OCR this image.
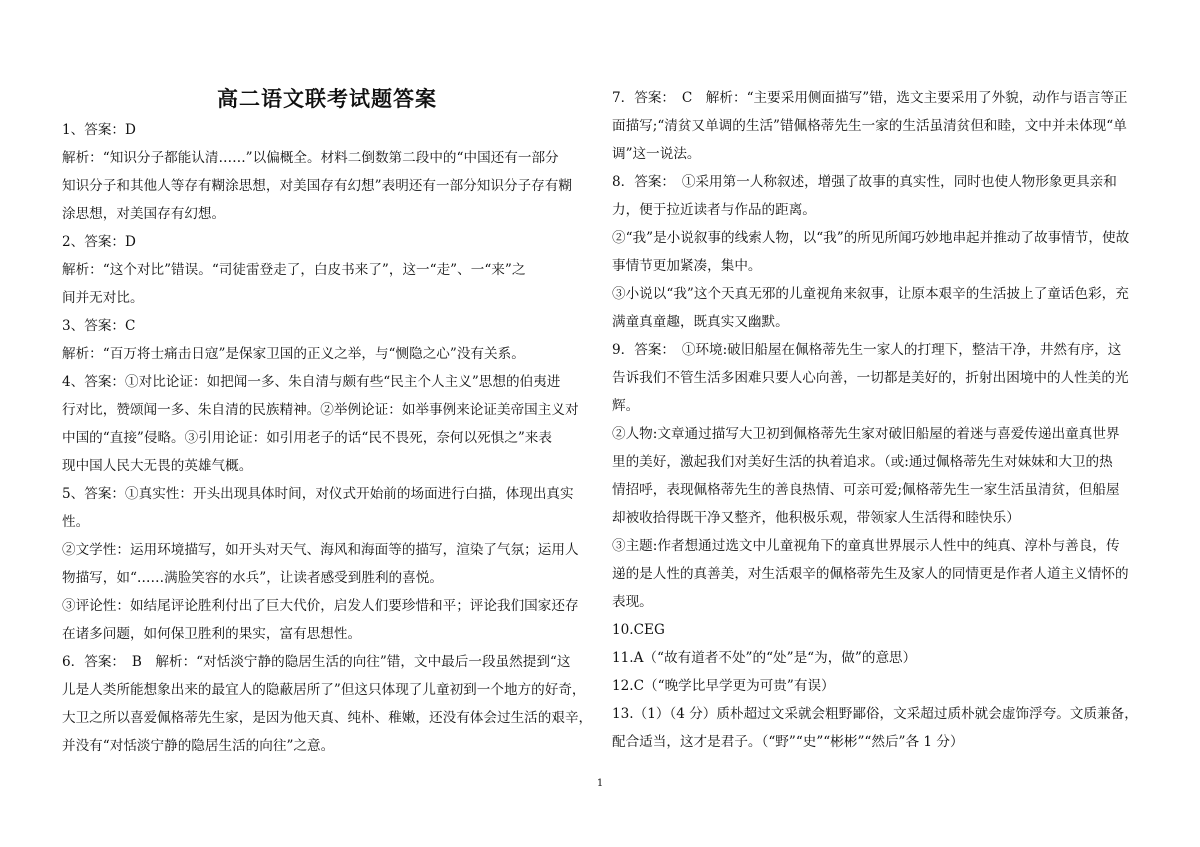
高二语文联考试题答案
1、答案：D
解析：“知识分子都能认清……”以偏概全。材料二倒数第二段中的“中国还有一部分
知识分子和其他人等存有糊涂思想，对美国存有幻想”表明还有一部分知识分子存有糊
涂思想，对美国存有幻想。
2、答案：D
解析：“这个对比”错误。“司徒雷登走了，白皮书来了”，这一“走”、一“来”之
间并无对比。
3、答案：C
解析：“百万将士痛击日寇”是保家卫国的正义之举，与“恻隐之心”没有关系。
4、答案：①对比论证：如把闻一多、朱自清与颇有些“民主个人主义”思想的伯夷进
行对比，赞颂闻一多、朱自清的民族精神。②举例论证：如举事例来论证美帝国主义对
中国的“直接”侵略。③引用论证：如引用老子的话“民不畏死，奈何以死惧之”来表
现中国人民大无畏的英雄气概。
5、答案：①真实性：开头出现具体时间，对仪式开始前的场面进行白描，体现出真实
性。
②文学性：运用环境描写，如开头对天气、海风和海面等的描写，渲染了气氛；运用人
物描写，如“……满脸笑容的水兵”，让读者感受到胜利的喜悦。
③评论性：如结尾评论胜利付出了巨大代价，启发人们要珍惜和平；评论我们国家还存
在诸多问题，如何保卫胜利的果实，富有思想性。
6．答案：　B　解析：“对恬淡宁静的隐居生活的向往”错，文中最后一段虽然提到“这
儿是人类所能想象出来的最宜人的隐蔽居所了”但这只体现了儿童初到一个地方的好奇，
大卫之所以喜爱佩格蒂先生家，是因为他天真、纯朴、稚嫩，还没有体会过生活的艰辛，
并没有“对恬淡宁静的隐居生活的向往”之意。
7．答案：　C　解析：“主要采用侧面描写”错，选文主要采用了外貌，动作与语言等正
面描写;“清贫又单调的生活”错佩格蒂先生一家的生活虽清贫但和睦，文中并未体现“单
调”这一说法。
8．答案：　①采用第一人称叙述，增强了故事的真实性，同时也使人物形象更具亲和
力，便于拉近读者与作品的距离。
②“我”是小说叙事的线索人物，以“我”的所见所闻巧妙地串起并推动了故事情节，使故
事情节更加紧凑，集中。
③小说以“我”这个天真无邪的儿童视角来叙事，让原本艰辛的生活披上了童话色彩，充
满童真童趣，既真实又幽默。
9．答案：　①环境:破旧船屋在佩格蒂先生一家人的打理下，整洁干净，井然有序，这
告诉我们不管生活多困难只要人心向善，一切都是美好的，折射出困境中的人性美的光
辉。
②人物:文章通过描写大卫初到佩格蒂先生家对破旧船屋的着迷与喜爱传递出童真世界
里的美好，激起我们对美好生活的执着追求。（或:通过佩格蒂先生对妹妹和大卫的热
情招呼，表现佩格蒂先生的善良热情、可亲可爱;佩格蒂先生一家生活虽清贫，但船屋
却被收拾得既干净又整齐，他积极乐观，带领家人生活得和睦快乐）
③主题:作者想通过选文中儿童视角下的童真世界展示人性中的纯真、淳朴与善良，传
递的是人性的真善美，对生活艰辛的佩格蒂先生及家人的同情更是作者人道主义情怀的
表现。
10.CEG
11.A（“故有道者不处”的“处”是“为，做”的意思）
12.C（“晚学比早学更为可贵”有误）
13.（1）（4 分）质朴超过文采就会粗野鄙俗，文采超过质朴就会虚饰浮夸。文质兼备，
配合适当，这才是君子。（“野”“史”“彬彬”“然后”各 1 分）
1
